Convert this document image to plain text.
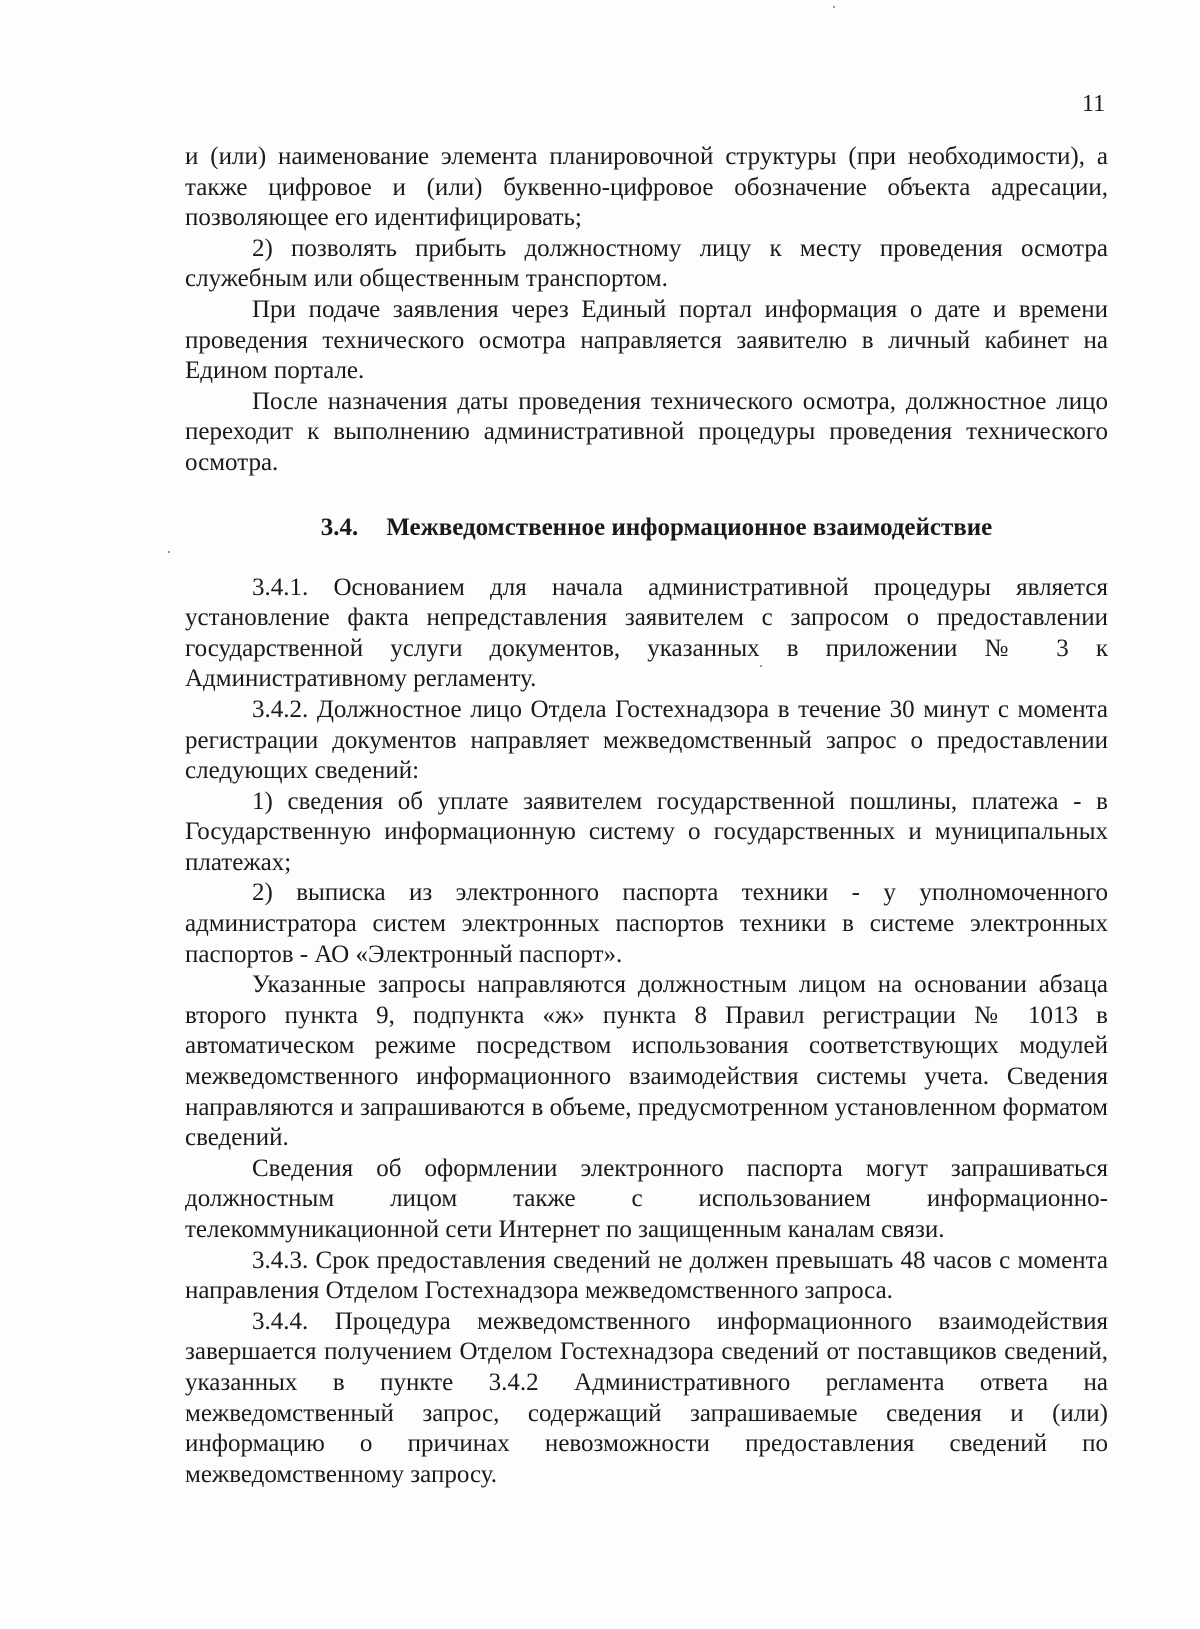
11

и (или) наименование элемента планировочной структуры (при необходимости), а также цифровое и (или) буквенно-цифровое обозначение объекта адресации, позволяющее его идентифицировать;

2) позволять прибыть должностному лицу к месту проведения осмотра служебным или общественным транспортом.

При подаче заявления через Единый портал информация о дате и времени проведения технического осмотра направляется заявителю в личный кабинет на Едином портале.

После назначения даты проведения технического осмотра, должностное лицо переходит к выполнению административной процедуры проведения технического осмотра.

3.4. Межведомственное информационное взаимодействие

3.4.1. Основанием для начала административной процедуры является установление факта непредставления заявителем с запросом о предоставлении государственной услуги документов, указанных в приложении № 3 к Административному регламенту.

3.4.2. Должностное лицо Отдела Гостехнадзора в течение 30 минут с момента регистрации документов направляет межведомственный запрос о предоставлении следующих сведений:

1) сведения об уплате заявителем государственной пошлины, платежа - в Государственную информационную систему о государственных и муниципальных платежах;

2) выписка из электронного паспорта техники - у уполномоченного администратора систем электронных паспортов техники в системе электронных паспортов - АО «Электронный паспорт».

Указанные запросы направляются должностным лицом на основании абзаца второго пункта 9, подпункта «ж» пункта 8 Правил регистрации № 1013 в автоматическом режиме посредством использования соответствующих модулей межведомственного информационного взаимодействия системы учета. Сведения направляются и запрашиваются в объеме, предусмотренном установленном форматом сведений.

Сведения об оформлении электронного паспорта могут запрашиваться должностным лицом также с использованием информационно-телекоммуникационной сети Интернет по защищенным каналам связи.

3.4.3. Срок предоставления сведений не должен превышать 48 часов с момента направления Отделом Гостехнадзора межведомственного запроса.

3.4.4. Процедура межведомственного информационного взаимодействия завершается получением Отделом Гостехнадзора сведений от поставщиков сведений, указанных в пункте 3.4.2 Административного регламента ответа на межведомственный запрос, содержащий запрашиваемые сведения и (или) информацию о причинах невозможности предоставления сведений по межведомственному запросу.
